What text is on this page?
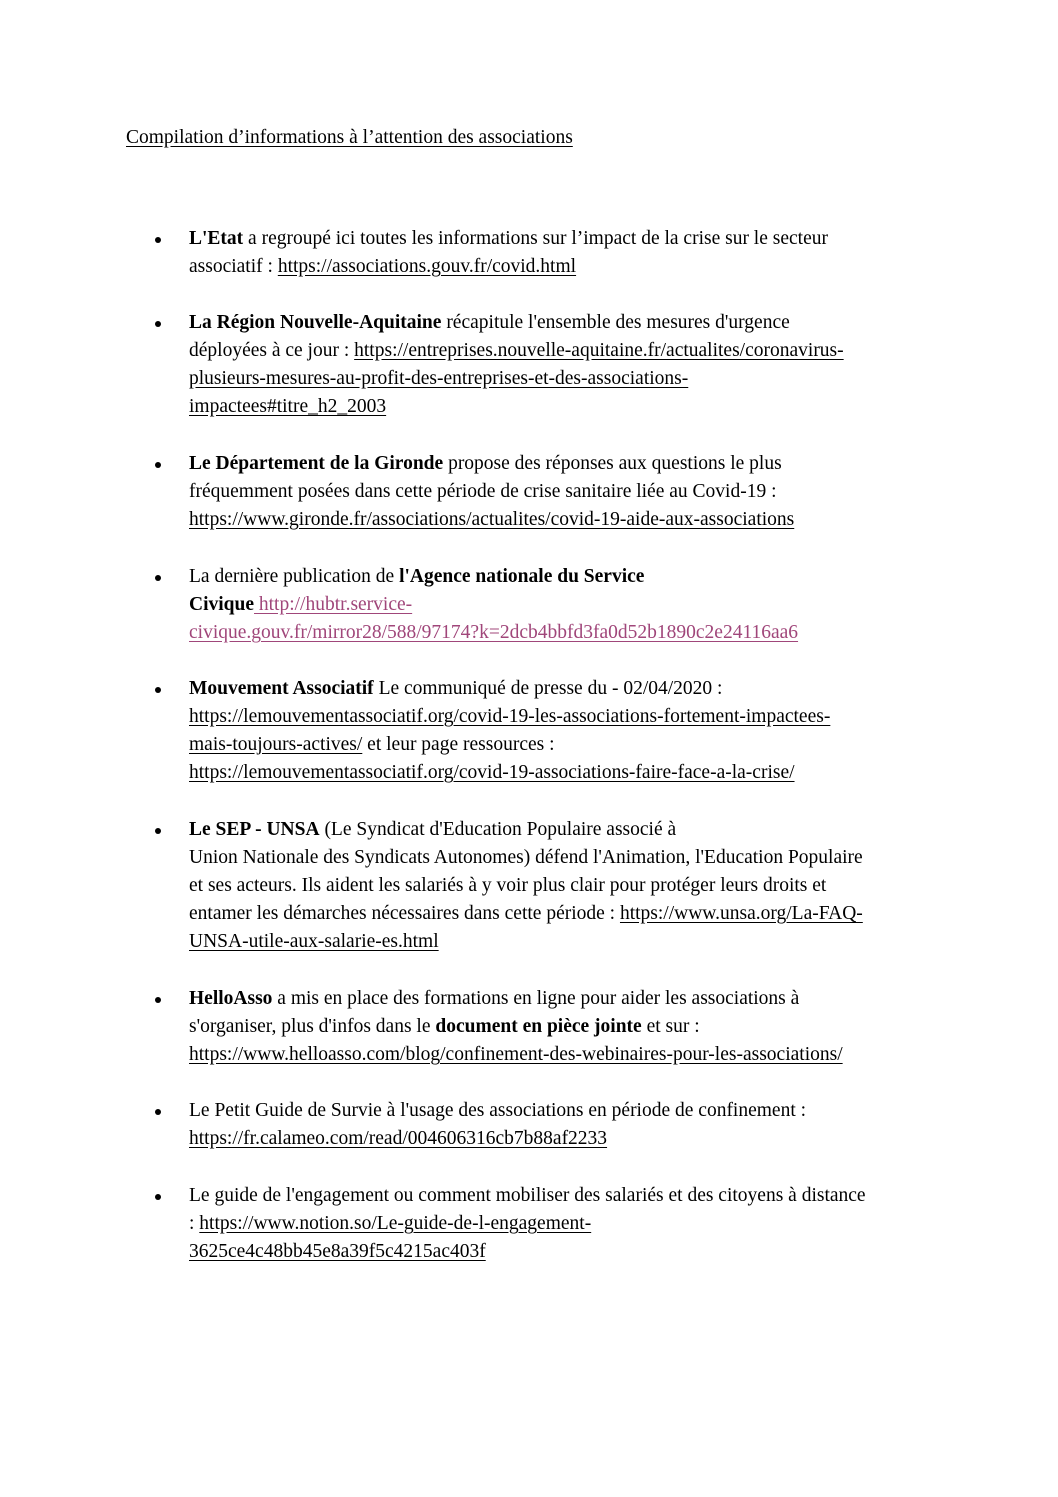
Compilation d’informations à l’attention des associations
L'Etat a regroupé ici toutes les informations sur l’impact de la crise sur le secteur
associatif : https://associations.gouv.fr/covid.html
La Région Nouvelle-Aquitaine récapitule l'ensemble des mesures d'urgence
déployées à ce jour : https://entreprises.nouvelle-aquitaine.fr/actualites/coronavirus-
plusieurs-mesures-au-profit-des-entreprises-et-des-associations-
impactees#titre_h2_2003
Le Département de la Gironde propose des réponses aux questions le plus
fréquemment posées dans cette période de crise sanitaire liée au Covid-19 :
https://www.gironde.fr/associations/actualites/covid-19-aide-aux-associations
La dernière publication de l'Agence nationale du Service
Civique http://hubtr.service-
civique.gouv.fr/mirror28/588/97174?k=2dcb4bbfd3fa0d52b1890c2e24116aa6
Mouvement Associatif Le communiqué de presse du - 02/04/2020 :
https://lemouvementassociatif.org/covid-19-les-associations-fortement-impactees-
mais-toujours-actives/ et leur page ressources :
https://lemouvementassociatif.org/covid-19-associations-faire-face-a-la-crise/
Le SEP - UNSA (Le Syndicat d'Education Populaire associé à
Union Nationale des Syndicats Autonomes) défend l'Animation, l'Education Populaire
et ses acteurs. Ils aident les salariés à y voir plus clair pour protéger leurs droits et
entamer les démarches nécessaires dans cette période : https://www.unsa.org/La-FAQ-
UNSA-utile-aux-salarie-es.html
HelloAsso a mis en place des formations en ligne pour aider les associations à
s'organiser, plus d'infos dans le document en pièce jointe et sur :
https://www.helloasso.com/blog/confinement-des-webinaires-pour-les-associations/
Le Petit Guide de Survie à l'usage des associations en période de confinement :
https://fr.calameo.com/read/004606316cb7b88af2233
Le guide de l'engagement ou comment mobiliser des salariés et des citoyens à distance
: https://www.notion.so/Le-guide-de-l-engagement-
3625ce4c48bb45e8a39f5c4215ac403f
